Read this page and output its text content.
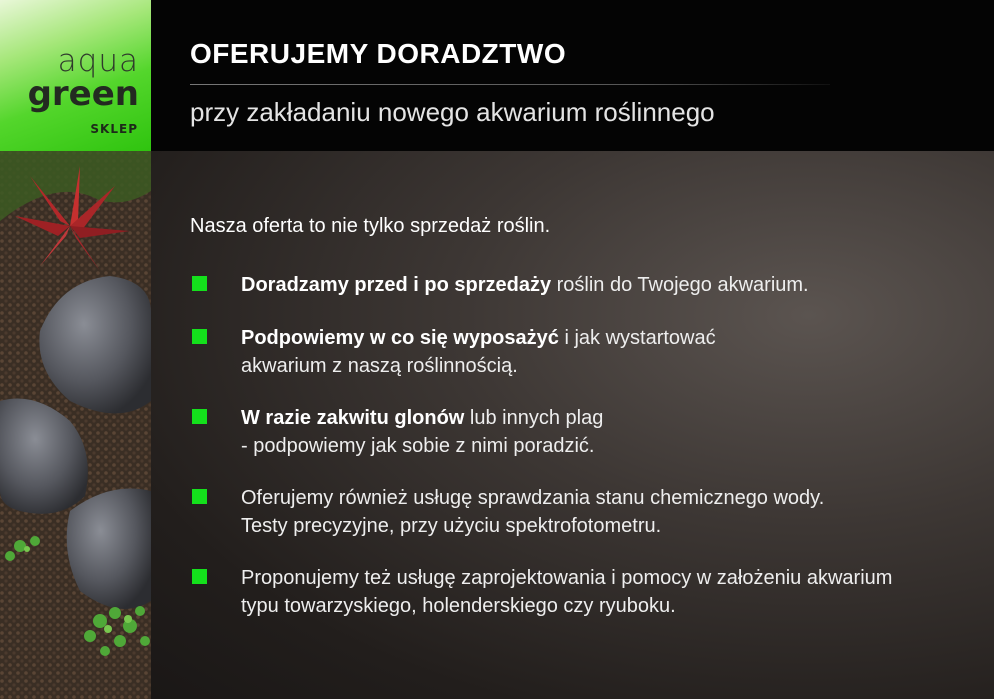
aqua
green
SKLEP
OFERUJEMY DORADZTWO
przy zakładaniu nowego akwarium roślinnego
Nasza oferta to nie tylko sprzedaż roślin.
Doradzamy przed i po sprzedaży roślin do Twojego akwarium.
Podpowiemy w co się wyposażyć i jak wystartować
akwarium z naszą roślinnością.
W razie zakwitu glonów lub innych plag
- podpowiemy jak sobie z nimi poradzić.
Oferujemy również usługę sprawdzania stanu chemicznego wody.
Testy precyzyjne, przy użyciu spektrofotometru.
Proponujemy też usługę zaprojektowania i pomocy w założeniu akwarium
typu towarzyskiego, holenderskiego czy ryuboku.
